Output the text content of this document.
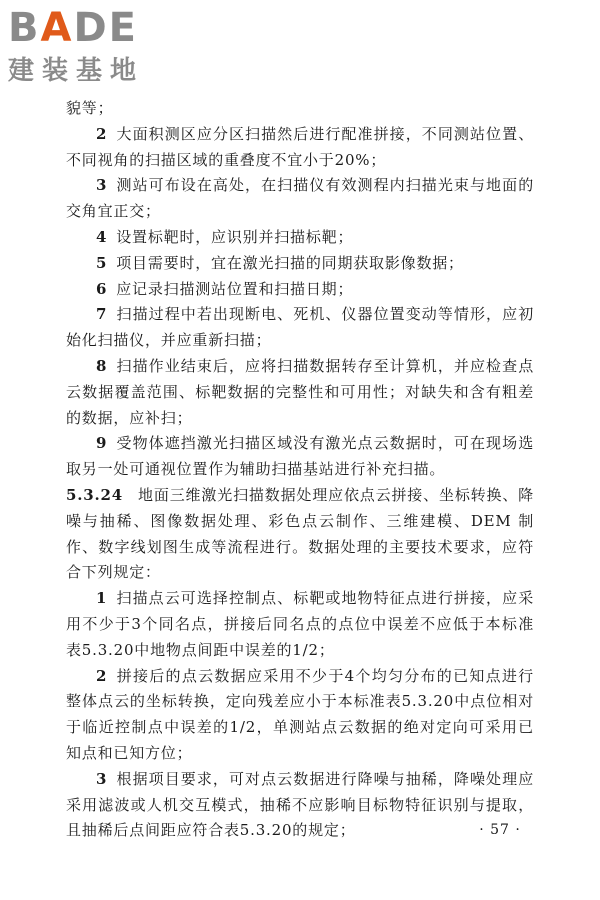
BADE
建装基地

貌等；

2 大面积测区应分区扫描然后进行配准拼接，不同测站位置、不同视角的扫描区域的重叠度不宜小于20%；

3 测站可布设在高处，在扫描仪有效测程内扫描光束与地面的交角宜正交；

4 设置标靶时，应识别并扫描标靶；

5 项目需要时，宜在激光扫描的同期获取影像数据；

6 应记录扫描测站位置和扫描日期；

7 扫描过程中若出现断电、死机、仪器位置变动等情形，应初始化扫描仪，并应重新扫描；

8 扫描作业结束后，应将扫描数据转存至计算机，并应检查点云数据覆盖范围、标靶数据的完整性和可用性；对缺失和含有粗差的数据，应补扫；

9 受物体遮挡激光扫描区域没有激光点云数据时，可在现场选取另一处可通视位置作为辅助扫描基站进行补充扫描。

5.3.24 地面三维激光扫描数据处理应依点云拼接、坐标转换、降噪与抽稀、图像数据处理、彩色点云制作、三维建模、DEM 制作、数字线划图生成等流程进行。数据处理的主要技术要求，应符合下列规定：

1 扫描点云可选择控制点、标靶或地物特征点进行拼接，应采用不少于3个同名点，拼接后同名点的点位中误差不应低于本标准表5.3.20中地物点间距中误差的1/2；

2 拼接后的点云数据应采用不少于4个均匀分布的已知点进行整体点云的坐标转换，定向残差应小于本标准表5.3.20中点位相对于临近控制点中误差的1/2，单测站点云数据的绝对定向可采用已知点和已知方位；

3 根据项目要求，可对点云数据进行降噪与抽稀，降噪处理应采用滤波或人机交互模式，抽稀不应影响目标物特征识别与提取，且抽稀后点间距应符合表5.3.20的规定；	· 57 ·
